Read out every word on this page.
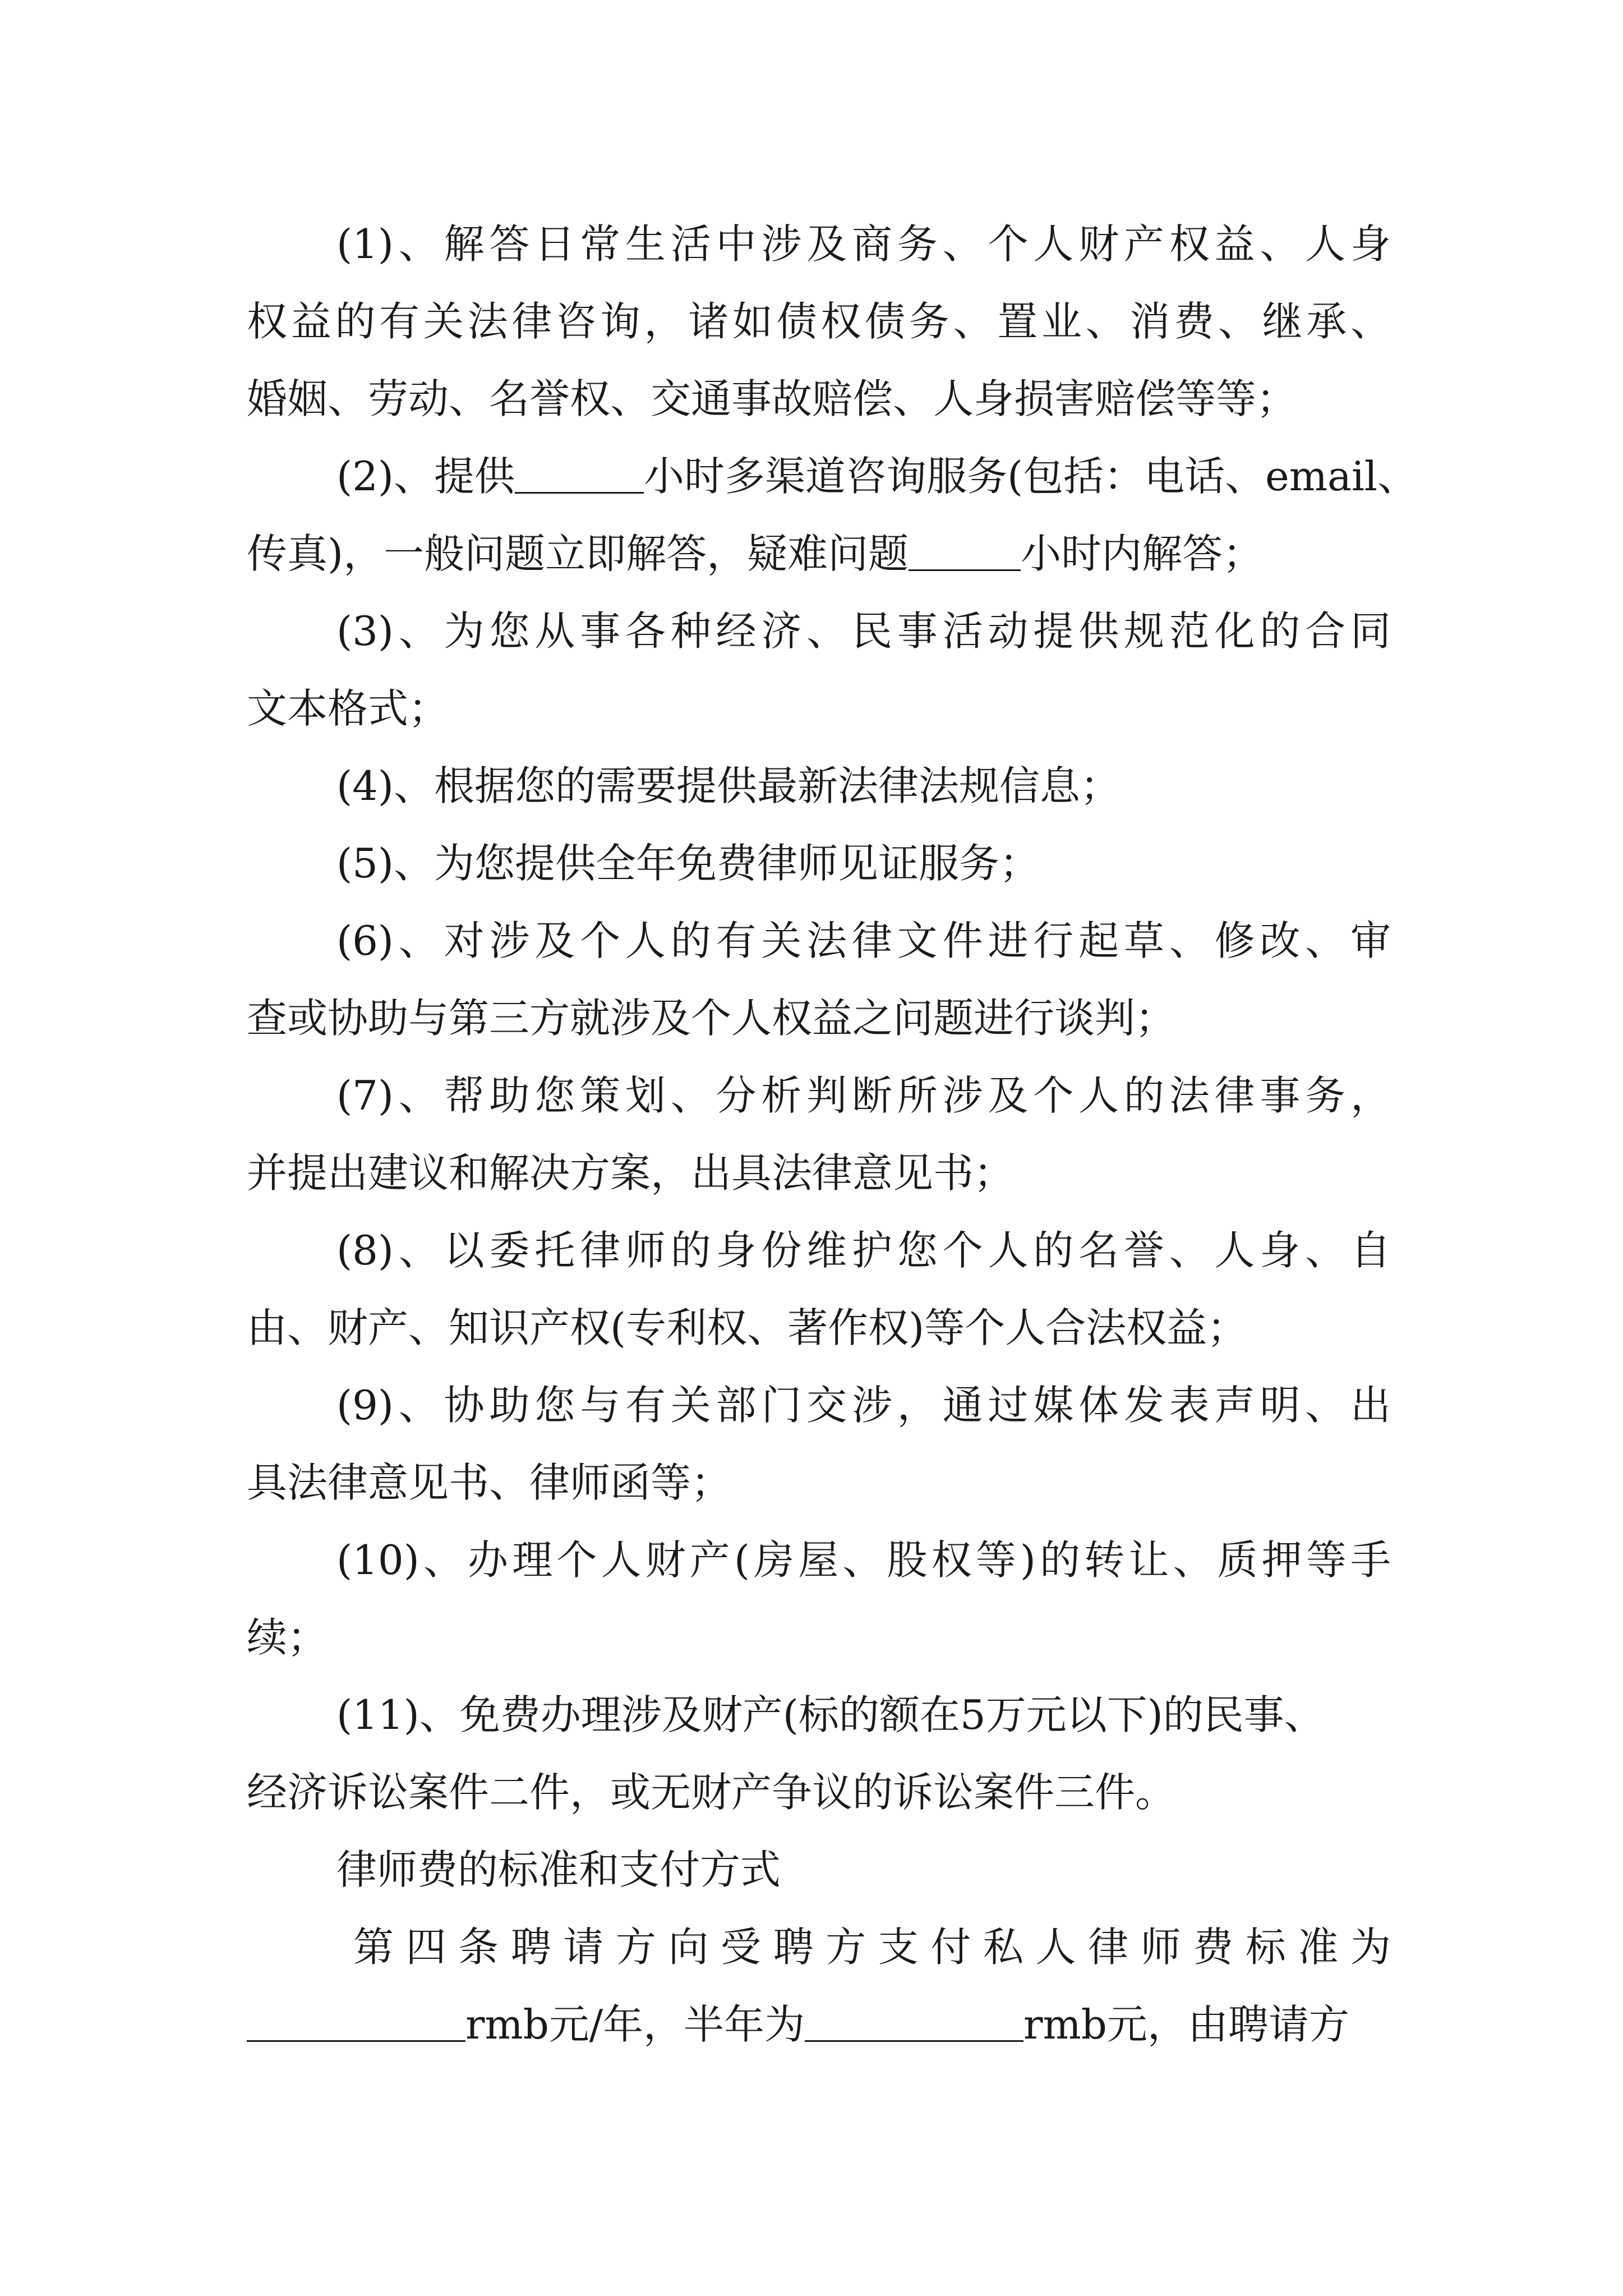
(1)、解答日常生活中涉及商务、个人财产权益、人身
权益的有关法律咨询，诸如债权债务、置业、消费、继承、
婚姻、劳动、名誉权、交通事故赔偿、人身损害赔偿等等；
(2)、提供	小时多渠道咨询服务(包括：电话、email、
传真)，一般问题立即解答，疑难问题	小时内解答；
(3)、为您从事各种经济、民事活动提供规范化的合同
文本格式；
(4)、根据您的需要提供最新法律法规信息；
(5)、为您提供全年免费律师见证服务；
(6)、对涉及个人的有关法律文件进行起草、修改、审
查或协助与第三方就涉及个人权益之问题进行谈判；
(7)、帮助您策划、分析判断所涉及个人的法律事务，
并提出建议和解决方案，出具法律意见书；
(8)、以委托律师的身份维护您个人的名誉、人身、自
由、财产、知识产权(专利权、著作权)等个人合法权益；
(9)、协助您与有关部门交涉，通过媒体发表声明、出
具法律意见书、律师函等；
(10)、办理个人财产(房屋、股权等)的转让、质押等手
续；
(11)、免费办理涉及财产(标的额在5万元以下)的民事、
经济诉讼案件二件，或无财产争议的诉讼案件三件。
律师费的标准和支付方式
第四条聘请方向受聘方支付私人律师费标准为
rmb元/年，半年为	rmb元，由聘请方
